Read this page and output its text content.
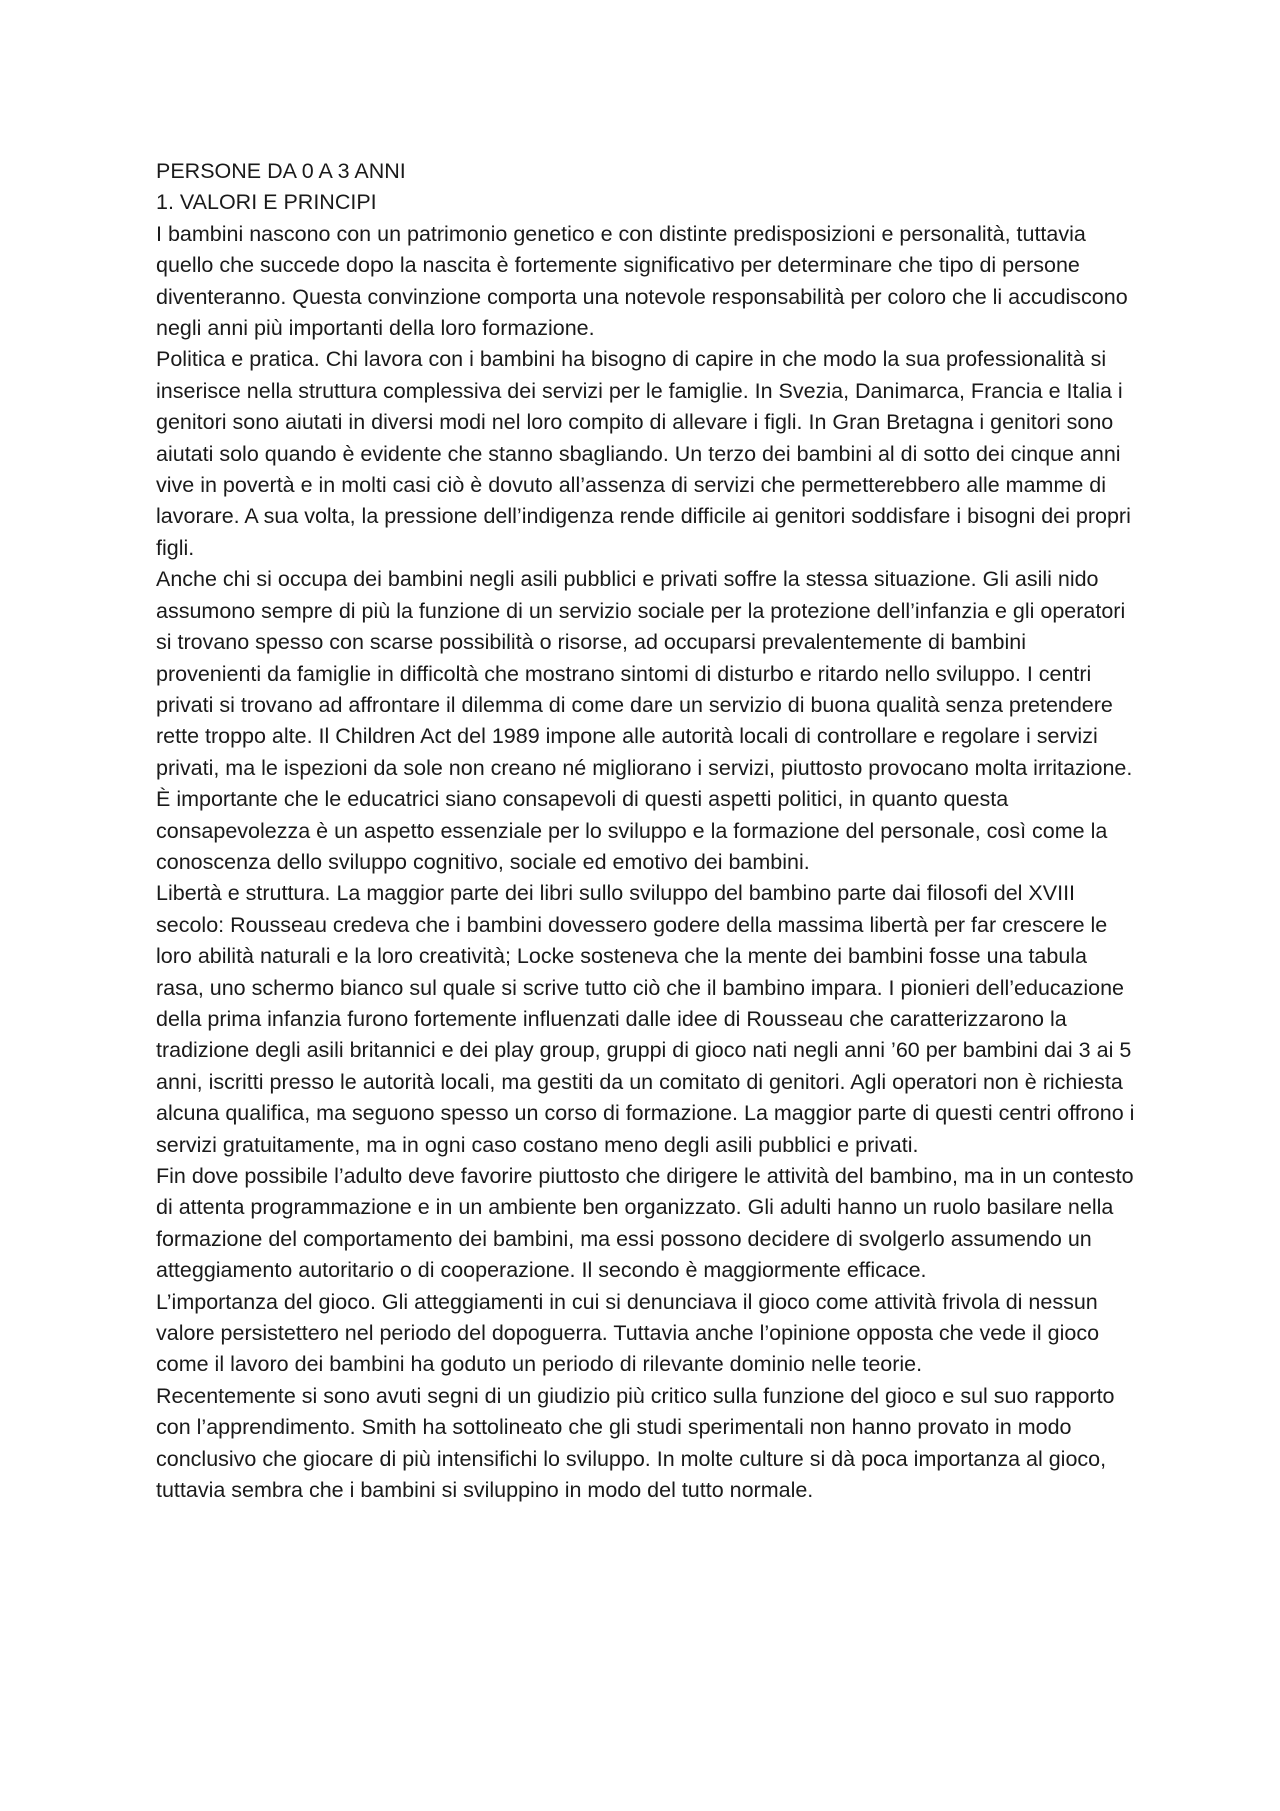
PERSONE DA 0 A 3 ANNI

1. VALORI E PRINCIPI

I bambini nascono con un patrimonio genetico e con distinte predisposizioni e personalità, tuttavia quello che succede dopo la nascita è fortemente significativo per determinare che tipo di persone diventeranno. Questa convinzione comporta una notevole responsabilità per coloro che li accudiscono negli anni più importanti della loro formazione.

Politica e pratica. Chi lavora con i bambini ha bisogno di capire in che modo la sua professionalità si inserisce nella struttura complessiva dei servizi per le famiglie. In Svezia, Danimarca, Francia e Italia i genitori sono aiutati in diversi modi nel loro compito di allevare i figli. In Gran Bretagna i genitori sono aiutati solo quando è evidente che stanno sbagliando. Un terzo dei bambini al di sotto dei cinque anni vive in povertà e in molti casi ciò è dovuto all’assenza di servizi che permetterebbero alle mamme di lavorare. A sua volta, la pressione dell’indigenza rende difficile ai genitori soddisfare i bisogni dei propri figli.

Anche chi si occupa dei bambini negli asili pubblici e privati soffre la stessa situazione. Gli asili nido assumono sempre di più la funzione di un servizio sociale per la protezione dell’infanzia e gli operatori si trovano spesso con scarse possibilità o risorse, ad occuparsi prevalentemente di bambini provenienti da famiglie in difficoltà che mostrano sintomi di disturbo e ritardo nello sviluppo. I centri privati si trovano ad affrontare il dilemma di come dare un servizio di buona qualità senza pretendere rette troppo alte. Il Children Act del 1989 impone alle autorità locali di controllare e regolare i servizi privati, ma le ispezioni da sole non creano né migliorano i servizi, piuttosto provocano molta irritazione. È importante che le educatrici siano consapevoli di questi aspetti politici, in quanto questa consapevolezza è un aspetto essenziale per lo sviluppo e la formazione del personale, così come la conoscenza dello sviluppo cognitivo, sociale ed emotivo dei bambini.

Libertà e struttura. La maggior parte dei libri sullo sviluppo del bambino parte dai filosofi del XVIII secolo: Rousseau credeva che i bambini dovessero godere della massima libertà per far crescere le loro abilità naturali e la loro creatività; Locke sosteneva che la mente dei bambini fosse una tabula rasa, uno schermo bianco sul quale si scrive tutto ciò che il bambino impara. I pionieri dell’educazione della prima infanzia furono fortemente influenzati dalle idee di Rousseau che caratterizzarono la tradizione degli asili britannici e dei play group, gruppi di gioco nati negli anni ’60 per bambini dai 3 ai 5 anni, iscritti presso le autorità locali, ma gestiti da un comitato di genitori. Agli operatori non è richiesta alcuna qualifica, ma seguono spesso un corso di formazione. La maggior parte di questi centri offrono i servizi gratuitamente, ma in ogni caso costano meno degli asili pubblici e privati.

Fin dove possibile l’adulto deve favorire piuttosto che dirigere le attività del bambino, ma in un contesto di attenta programmazione e in un ambiente ben organizzato. Gli adulti hanno un ruolo basilare nella formazione del comportamento dei bambini, ma essi possono decidere di svolgerlo assumendo un atteggiamento autoritario o di cooperazione. Il secondo è maggiormente efficace.

L’importanza del gioco. Gli atteggiamenti in cui si denunciava il gioco come attività frivola di nessun valore persistettero nel periodo del dopoguerra. Tuttavia anche l’opinione opposta che vede il gioco come il lavoro dei bambini ha goduto un periodo di rilevante dominio nelle teorie.

Recentemente si sono avuti segni di un giudizio più critico sulla funzione del gioco e sul suo rapporto con l’apprendimento. Smith ha sottolineato che gli studi sperimentali non hanno provato in modo conclusivo che giocare di più intensifichi lo sviluppo. In molte culture si dà poca importanza al gioco, tuttavia sembra che i bambini si sviluppino in modo del tutto normale.
